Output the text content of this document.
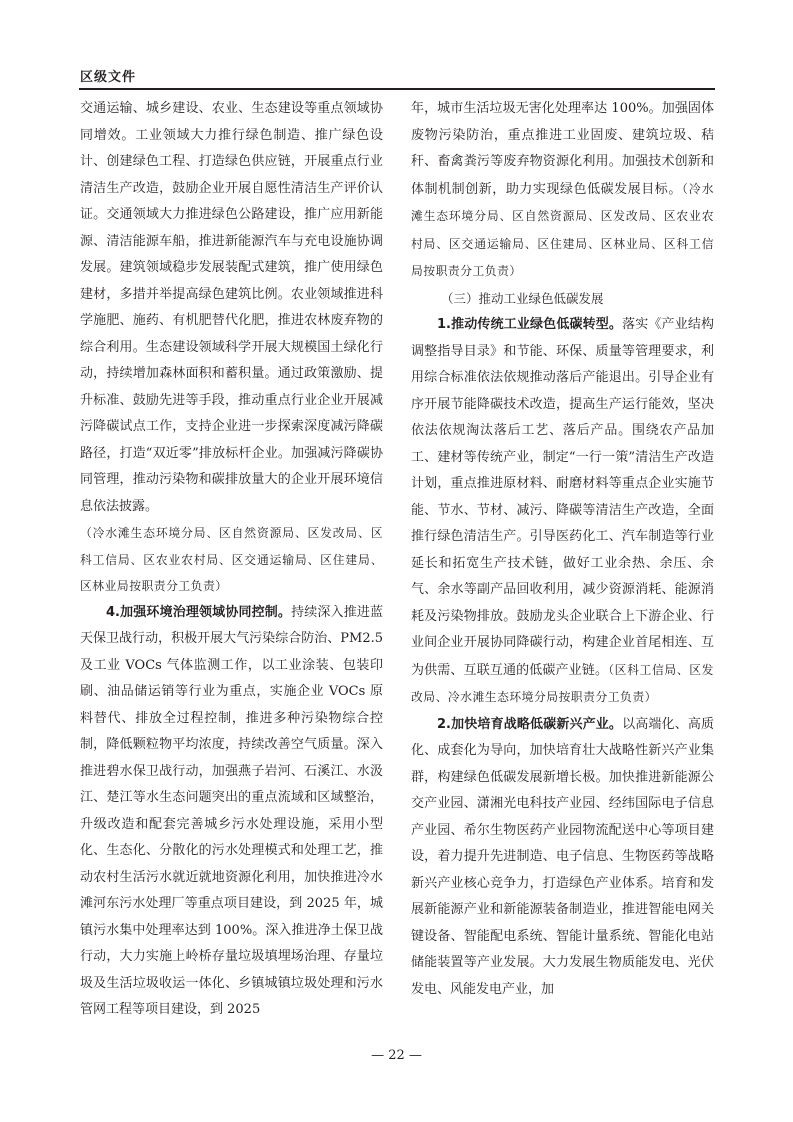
区级文件

交通运输、城乡建设、农业、生态建设等重点领域协同增效。工业领域大力推行绿色制造、推广绿色设计、创建绿色工程、打造绿色供应链，开展重点行业清洁生产改造，鼓励企业开展自愿性清洁生产评价认证。交通领域大力推进绿色公路建设，推广应用新能源、清洁能源车船，推进新能源汽车与充电设施协调发展。建筑领域稳步发展装配式建筑，推广使用绿色建材，多措并举提高绿色建筑比例。农业领域推进科学施肥、施药、有机肥替代化肥，推进农林废弃物的综合利用。生态建设领域科学开展大规模国土绿化行动，持续增加森林面积和蓄积量。通过政策激励、提升标准、鼓励先进等手段，推动重点行业企业开展减污降碳试点工作，支持企业进一步探索深度减污降碳路径，打造“双近零”排放标杆企业。加强减污降碳协同管理，推动污染物和碳排放量大的企业开展环境信息依法披露。

（冷水滩生态环境分局、区自然资源局、区发改局、区科工信局、区农业农村局、区交通运输局、区住建局、区林业局按职责分工负责）

4.加强环境治理领域协同控制。持续深入推进蓝天保卫战行动，积极开展大气污染综合防治、PM2.5 及工业 VOCs 气体监测工作，以工业涂装、包装印刷、油品储运销等行业为重点，实施企业 VOCs 原料替代、排放全过程控制，推进多种污染物综合控制，降低颗粒物平均浓度，持续改善空气质量。深入推进碧水保卫战行动，加强燕子岩河、石溪江、水汲江、楚江等水生态问题突出的重点流域和区域整治，升级改造和配套完善城乡污水处理设施，采用小型化、生态化、分散化的污水处理模式和处理工艺，推动农村生活污水就近就地资源化利用，加快推进冷水滩河东污水处理厂等重点项目建设，到 2025 年，城镇污水集中处理率达到 100%。深入推进净土保卫战行动，大力实施上岭桥存量垃圾填埋场治理、存量垃圾及生活垃圾收运一体化、乡镇城镇垃圾处理和污水管网工程等项目建设，到 2025

年，城市生活垃圾无害化处理率达 100%。加强固体废物污染防治，重点推进工业固废、建筑垃圾、秸秆、畜禽粪污等废弃物资源化利用。加强技术创新和体制机制创新，助力实现绿色低碳发展目标。（冷水滩生态环境分局、区自然资源局、区发改局、区农业农村局、区交通运输局、区住建局、区林业局、区科工信局按职责分工负责）

（三）推动工业绿色低碳发展

1.推动传统工业绿色低碳转型。落实《产业结构调整指导目录》和节能、环保、质量等管理要求，利用综合标准依法依规推动落后产能退出。引导企业有序开展节能降碳技术改造，提高生产运行能效，坚决依法依规淘汰落后工艺、落后产品。围绕农产品加工、建材等传统产业，制定“一行一策”清洁生产改造计划，重点推进原材料、耐磨材料等重点企业实施节能、节水、节材、减污、降碳等清洁生产改造，全面推行绿色清洁生产。引导医药化工、汽车制造等行业延长和拓宽生产技术链，做好工业余热、余压、余气、余水等副产品回收利用，减少资源消耗、能源消耗及污染物排放。鼓励龙头企业联合上下游企业、行业间企业开展协同降碳行动，构建企业首尾相连、互为供需、互联互通的低碳产业链。（区科工信局、区发改局、冷水滩生态环境分局按职责分工负责）

2.加快培育战略低碳新兴产业。以高端化、高质化、成套化为导向，加快培育壮大战略性新兴产业集群，构建绿色低碳发展新增长极。加快推进新能源公交产业园、潇湘光电科技产业园、经纬国际电子信息产业园、希尔生物医药产业园物流配送中心等项目建设，着力提升先进制造、电子信息、生物医药等战略新兴产业核心竞争力，打造绿色产业体系。培育和发展新能源产业和新能源装备制造业，推进智能电网关键设备、智能配电系统、智能计量系统、智能化电站储能装置等产业发展。大力发展生物质能发电、光伏发电、风能发电产业，加

— 22 —
